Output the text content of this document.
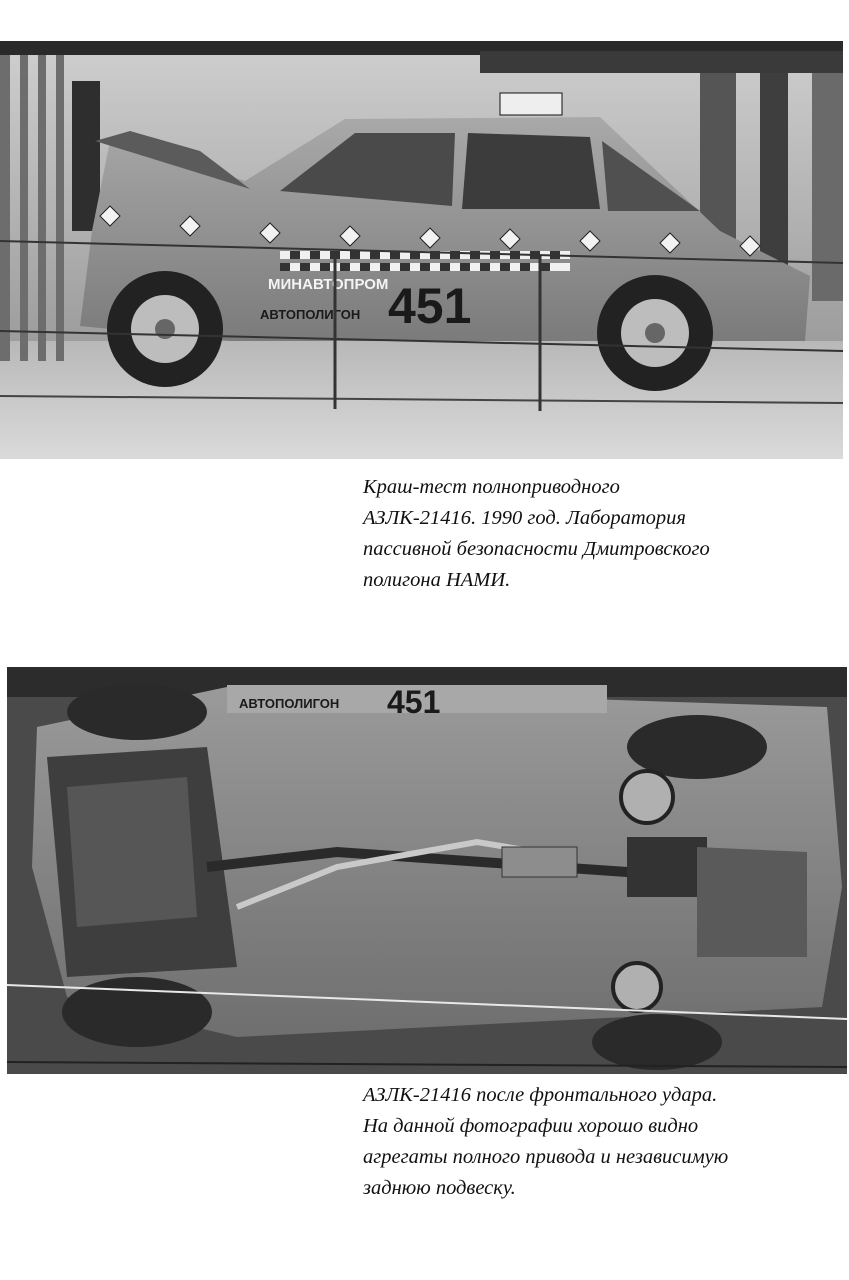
МИНАВТОПРОМ
АВТОПОЛИГОН 451
Краш-тест полноприводного
АЗЛК-21416. 1990 год. Лаборатория
пассивной безопасности Дмитровского
полигона НАМИ.
АВТОПОЛИГОН 451
АЗЛК-21416 после фронтального удара.
На данной фотографии хорошо видно
агрегаты полного привода и независимую
заднюю подвеску.
